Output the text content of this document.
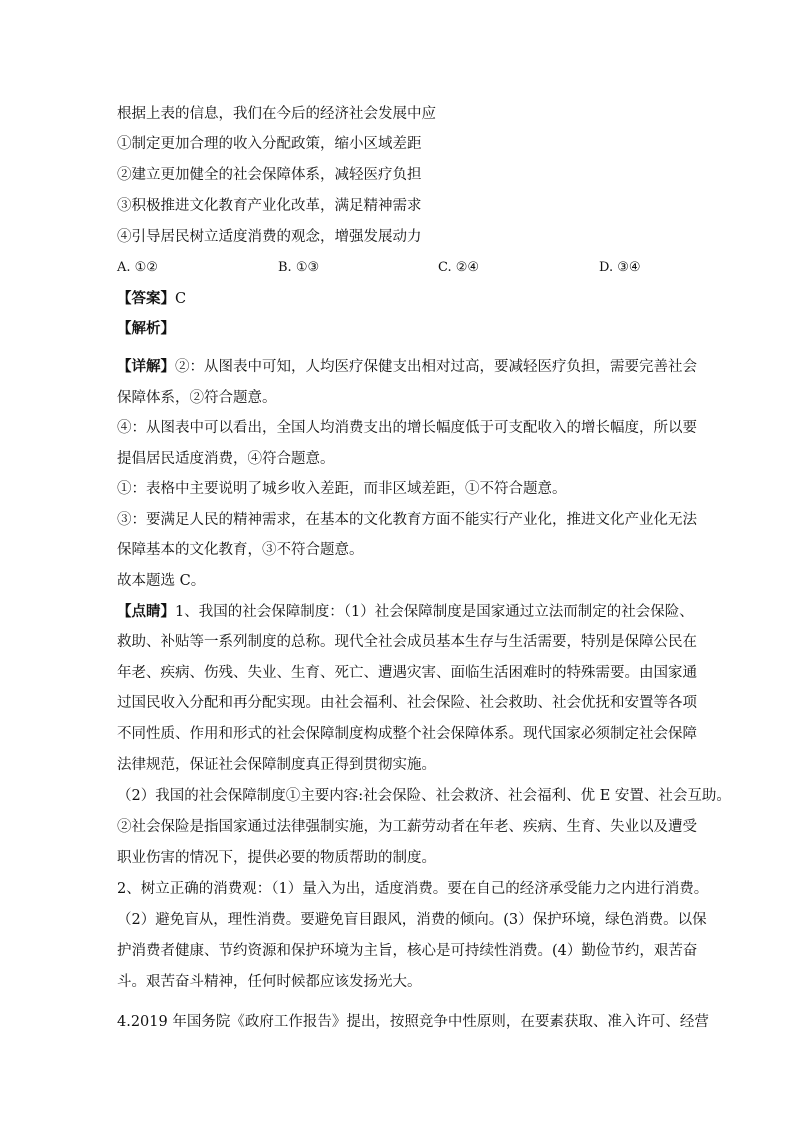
根据上表的信息，我们在今后的经济社会发展中应
①制定更加合理的收入分配政策，缩小区域差距
②建立更加健全的社会保障体系，减轻医疗负担
③积极推进文化教育产业化改革，满足精神需求
④引导居民树立适度消费的观念，增强发展动力
A. ①②	B. ①③	C. ②④	D. ③④
【答案】C
【解析】
【详解】②：从图表中可知，人均医疗保健支出相对过高，要减轻医疗负担，需要完善社会
保障体系，②符合题意。
④：从图表中可以看出，全国人均消费支出的增长幅度低于可支配收入的增长幅度，所以要
提倡居民适度消费，④符合题意。
①：表格中主要说明了城乡收入差距，而非区域差距，①不符合题意。
③：要满足人民的精神需求，在基本的文化教育方面不能实行产业化，推进文化产业化无法
保障基本的文化教育，③不符合题意。
故本题选 C。
【点睛】1、我国的社会保障制度：（1）社会保障制度是国家通过立法而制定的社会保险、
救助、补贴等一系列制度的总称。现代全社会成员基本生存与生活需要，特别是保障公民在
年老、疾病、伤残、失业、生育、死亡、遭遇灾害、面临生活困难时的特殊需要。由国家通
过国民收入分配和再分配实现。由社会福利、社会保险、社会救助、社会优抚和安置等各项
不同性质、作用和形式的社会保障制度构成整个社会保障体系。现代国家必须制定社会保障
法律规范，保证社会保障制度真正得到贯彻实施。
（2）我国的社会保障制度①主要内容:社会保险、社会救济、社会福利、优 E 安置、社会互助。
②社会保险是指国家通过法律强制实施，为工薪劳动者在年老、疾病、生育、失业以及遭受
职业伤害的情况下，提供必要的物质帮助的制度。
2、树立正确的消费观：（1）量入为出，适度消费。要在自己的经济承受能力之内进行消费。
（2）避免盲从，理性消费。要避免盲目跟风，消费的倾向。(3）保护环境，绿色消费。以保
护消费者健康、节约资源和保护环境为主旨，核心是可持续性消费。(4）勤俭节约，艰苦奋
斗。艰苦奋斗精神，任何时候都应该发扬光大。
4.2019 年国务院《政府工作报告》提出，按照竞争中性原则，在要素获取、准入许可、经营
